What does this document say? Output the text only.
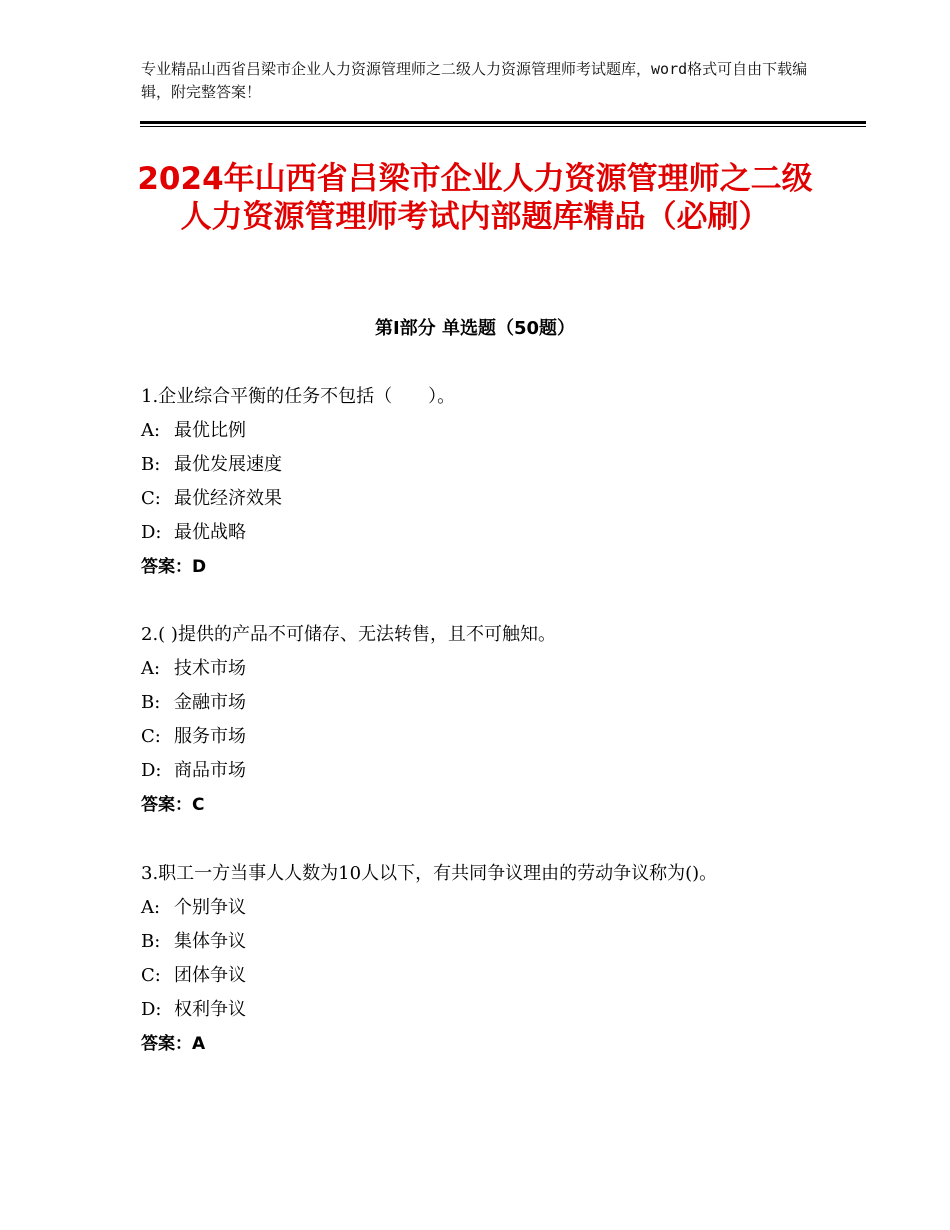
专业精品山西省吕梁市企业人力资源管理师之二级人力资源管理师考试题库，word格式可自由下载编辑，附完整答案！
2024年山西省吕梁市企业人力资源管理师之二级人力资源管理师考试内部题库精品（必刷）
第Ⅰ部分 单选题（50题）

1.企业综合平衡的任务不包括（　　）。

A: 最优比例

B: 最优发展速度

C: 最优经济效果

D: 最优战略

答案：D

2.( )提供的产品不可储存、无法转售，且不可触知。

A: 技术市场

B: 金融市场

C: 服务市场

D: 商品市场

答案：C

3.职工一方当事人人数为10人以下，有共同争议理由的劳动争议称为()。

A: 个别争议

B: 集体争议

C: 团体争议

D: 权利争议

答案：A
